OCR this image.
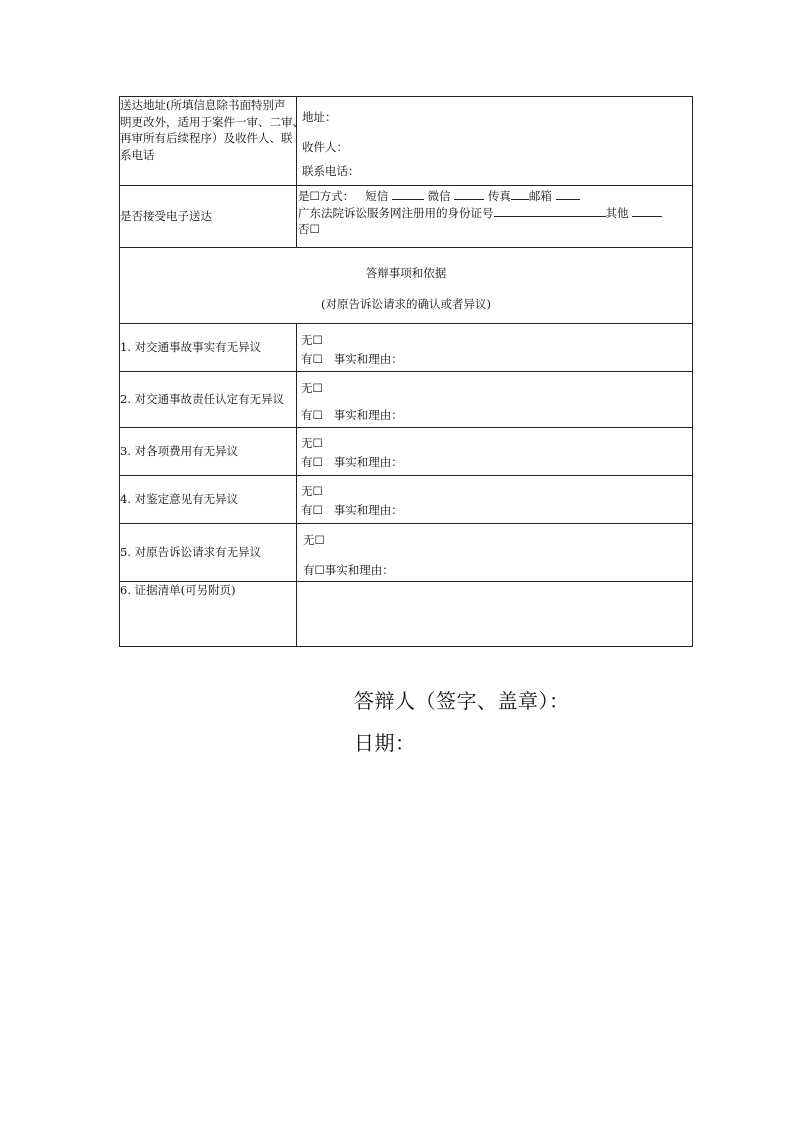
送达地址(所填信息除书面特别声
明更改外，适用于案件一审、二审、
再审所有后续程序）及收件人、联
系电话	地址：
收件人：
联系电话：

是否接受电子送达	是☐方式： 短信 微信 传真 邮箱
广东法院诉讼服务网注册用的身份证号 其他
否☐

答辩事项和依据
(对原告诉讼请求的确认或者异议)	

1. 对交通事故事实有无异议	无☐
有☐ 事实和理由：

2. 对交通事故责任认定有无异议	无☐
有☐ 事实和理由：

3. 对各项费用有无异议	无☐
有☐ 事实和理由：

4. 对鉴定意见有无异议	无☐
有☐ 事实和理由：

5. 对原告诉讼请求有无异议	无☐
有☐事实和理由：

6. 证据清单(可另附页)	
答辩人（签字、盖章）：
日期：
